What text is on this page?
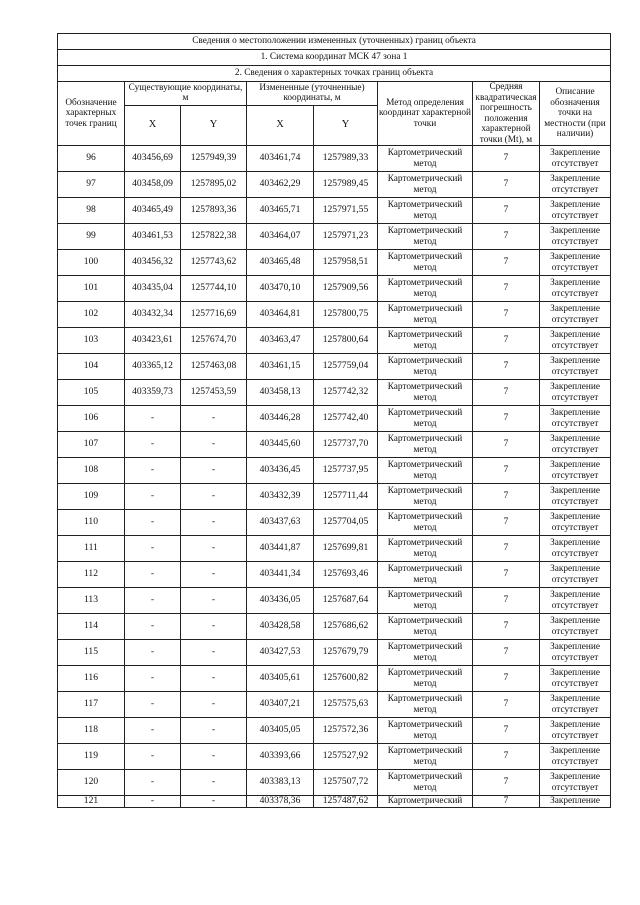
Сведения о местоположении измененных (уточненных) границ объекта							
1. Система координат МСК 47 зона 1							
2. Сведения о характерных точках границ объекта							
Обозначение характерных точек границ	Существующие координаты, м		Измененные (уточненные) координаты, м		Метод определения координат характерной точки	Средняя квадратическая погрешность положения характерной точки (Mt), м	Описание обозначения точки на местности (при наличии)
	X	Y	X	Y			
96	403456,69	1257949,39	403461,74	1257989,33	Картометрический метод	7	Закрепление отсутствует
97	403458,09	1257895,02	403462,29	1257989,45	Картометрический метод	7	Закрепление отсутствует
98	403465,49	1257893,36	403465,71	1257971,55	Картометрический метод	7	Закрепление отсутствует
99	403461,53	1257822,38	403464,07	1257971,23	Картометрический метод	7	Закрепление отсутствует
100	403456,32	1257743,62	403465,48	1257958,51	Картометрический метод	7	Закрепление отсутствует
101	403435,04	1257744,10	403470,10	1257909,56	Картометрический метод	7	Закрепление отсутствует
102	403432,34	1257716,69	403464,81	1257800,75	Картометрический метод	7	Закрепление отсутствует
103	403423,61	1257674,70	403463,47	1257800,64	Картометрический метод	7	Закрепление отсутствует
104	403365,12	1257463,08	403461,15	1257759,04	Картометрический метод	7	Закрепление отсутствует
105	403359,73	1257453,59	403458,13	1257742,32	Картометрический метод	7	Закрепление отсутствует
106	-	-	403446,28	1257742,40	Картометрический метод	7	Закрепление отсутствует
107	-	-	403445,60	1257737,70	Картометрический метод	7	Закрепление отсутствует
108	-	-	403436,45	1257737,95	Картометрический метод	7	Закрепление отсутствует
109	-	-	403432,39	1257711,44	Картометрический метод	7	Закрепление отсутствует
110	-	-	403437,63	1257704,05	Картометрический метод	7	Закрепление отсутствует
111	-	-	403441,87	1257699,81	Картометрический метод	7	Закрепление отсутствует
112	-	-	403441,34	1257693,46	Картометрический метод	7	Закрепление отсутствует
113	-	-	403436,05	1257687,64	Картометрический метод	7	Закрепление отсутствует
114	-	-	403428,58	1257686,62	Картометрический метод	7	Закрепление отсутствует
115	-	-	403427,53	1257679,79	Картометрический метод	7	Закрепление отсутствует
116	-	-	403405,61	1257600,82	Картометрический метод	7	Закрепление отсутствует
117	-	-	403407,21	1257575,63	Картометрический метод	7	Закрепление отсутствует
118	-	-	403405,05	1257572,36	Картометрический метод	7	Закрепление отсутствует
119	-	-	403393,66	1257527,92	Картометрический метод	7	Закрепление отсутствует
120	-	-	403383,13	1257507,72	Картометрический метод	7	Закрепление отсутствует
121	-	-	403378,36	1257487,62	Картометрический	7	Закрепление
